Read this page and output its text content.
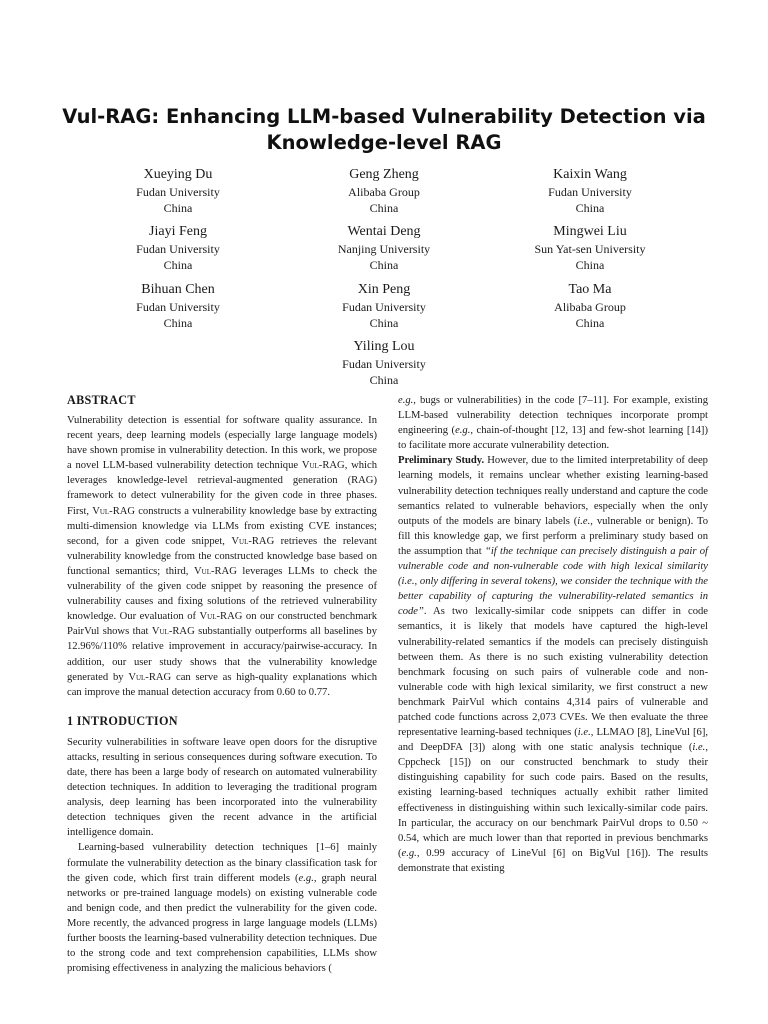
Vul-RAG: Enhancing LLM-based Vulnerability Detection via Knowledge-level RAG
Xueying Du
Fudan University
China
Geng Zheng
Alibaba Group
China
Kaixin Wang
Fudan University
China
Jiayi Feng
Fudan University
China
Wentai Deng
Nanjing University
China
Mingwei Liu
Sun Yat-sen University
China
Bihuan Chen
Fudan University
China
Xin Peng
Fudan University
China
Tao Ma
Alibaba Group
China
Yiling Lou
Fudan University
China
ABSTRACT

Vulnerability detection is essential for software quality assurance. In recent years, deep learning models (especially large language models) have shown promise in vulnerability detection. In this work, we propose a novel LLM-based vulnerability detection technique Vul-RAG, which leverages knowledge-level retrieval-augmented generation (RAG) framework to detect vulnerability for the given code in three phases. First, Vul-RAG constructs a vulnerability knowledge base by extracting multi-dimension knowledge via LLMs from existing CVE instances; second, for a given code snippet, Vul-RAG retrieves the relevant vulnerability knowledge from the constructed knowledge base based on functional semantics; third, Vul-RAG leverages LLMs to check the vulnerability of the given code snippet by reasoning the presence of vulnerability causes and fixing solutions of the retrieved vulnerability knowledge. Our evaluation of Vul-RAG on our constructed benchmark PairVul shows that Vul-RAG substantially outperforms all baselines by 12.96%/110% relative improvement in accuracy/pairwise-accuracy. In addition, our user study shows that the vulnerability knowledge generated by Vul-RAG can serve as high-quality explanations which can improve the manual detection accuracy from 0.60 to 0.77.

1 INTRODUCTION

Security vulnerabilities in software leave open doors for the disruptive attacks, resulting in serious consequences during software execution. To date, there has been a large body of research on automated vulnerability detection techniques. In addition to leveraging the traditional program analysis, deep learning has been incorporated into the vulnerability detection techniques given the recent advance in the artificial intelligence domain.

Learning-based vulnerability detection techniques [1–6] mainly formulate the vulnerability detection as the binary classification task for the given code, which first train different models (e.g., graph neural networks or pre-trained language models) on existing vulnerable code and benign code, and then predict the vulnerability for the given code. More recently, the advanced progress in large language models (LLMs) further boosts the learning-based vulnerability detection techniques. Due to the strong code and text comprehension capabilities, LLMs show promising effectiveness in analyzing the malicious behaviors (

e.g., bugs or vulnerabilities) in the code [7–11]. For example, existing LLM-based vulnerability detection techniques incorporate prompt engineering (e.g., chain-of-thought [12, 13] and few-shot learning [14]) to facilitate more accurate vulnerability detection.

Preliminary Study. However, due to the limited interpretability of deep learning models, it remains unclear whether existing learning-based vulnerability detection techniques really understand and capture the code semantics related to vulnerable behaviors, especially when the only outputs of the models are binary labels (i.e., vulnerable or benign). To fill this knowledge gap, we first perform a preliminary study based on the assumption that “if the technique can precisely distinguish a pair of vulnerable code and non-vulnerable code with high lexical similarity (i.e., only differing in several tokens), we consider the technique with the better capability of capturing the vulnerability-related semantics in code”. As two lexically-similar code snippets can differ in code semantics, it is likely that models have captured the high-level vulnerability-related semantics if the models can precisely distinguish between them. As there is no such existing vulnerability detection benchmark focusing on such pairs of vulnerable code and non-vulnerable code with high lexical similarity, we first construct a new benchmark PairVul which contains 4,314 pairs of vulnerable and patched code functions across 2,073 CVEs. We then evaluate the three representative learning-based techniques (i.e., LLMAO [8], LineVul [6], and DeepDFA [3]) along with one static analysis technique (i.e., Cppcheck [15]) on our constructed benchmark to study their distinguishing capability for such code pairs. Based on the results, existing learning-based techniques actually exhibit rather limited effectiveness in distinguishing within such lexically-similar code pairs. In particular, the accuracy on our benchmark PairVul drops to 0.50 ~ 0.54, which are much lower than that reported in previous benchmarks (e.g., 0.99 accuracy of LineVul [6] on BigVul [16]). The results demonstrate that existing
